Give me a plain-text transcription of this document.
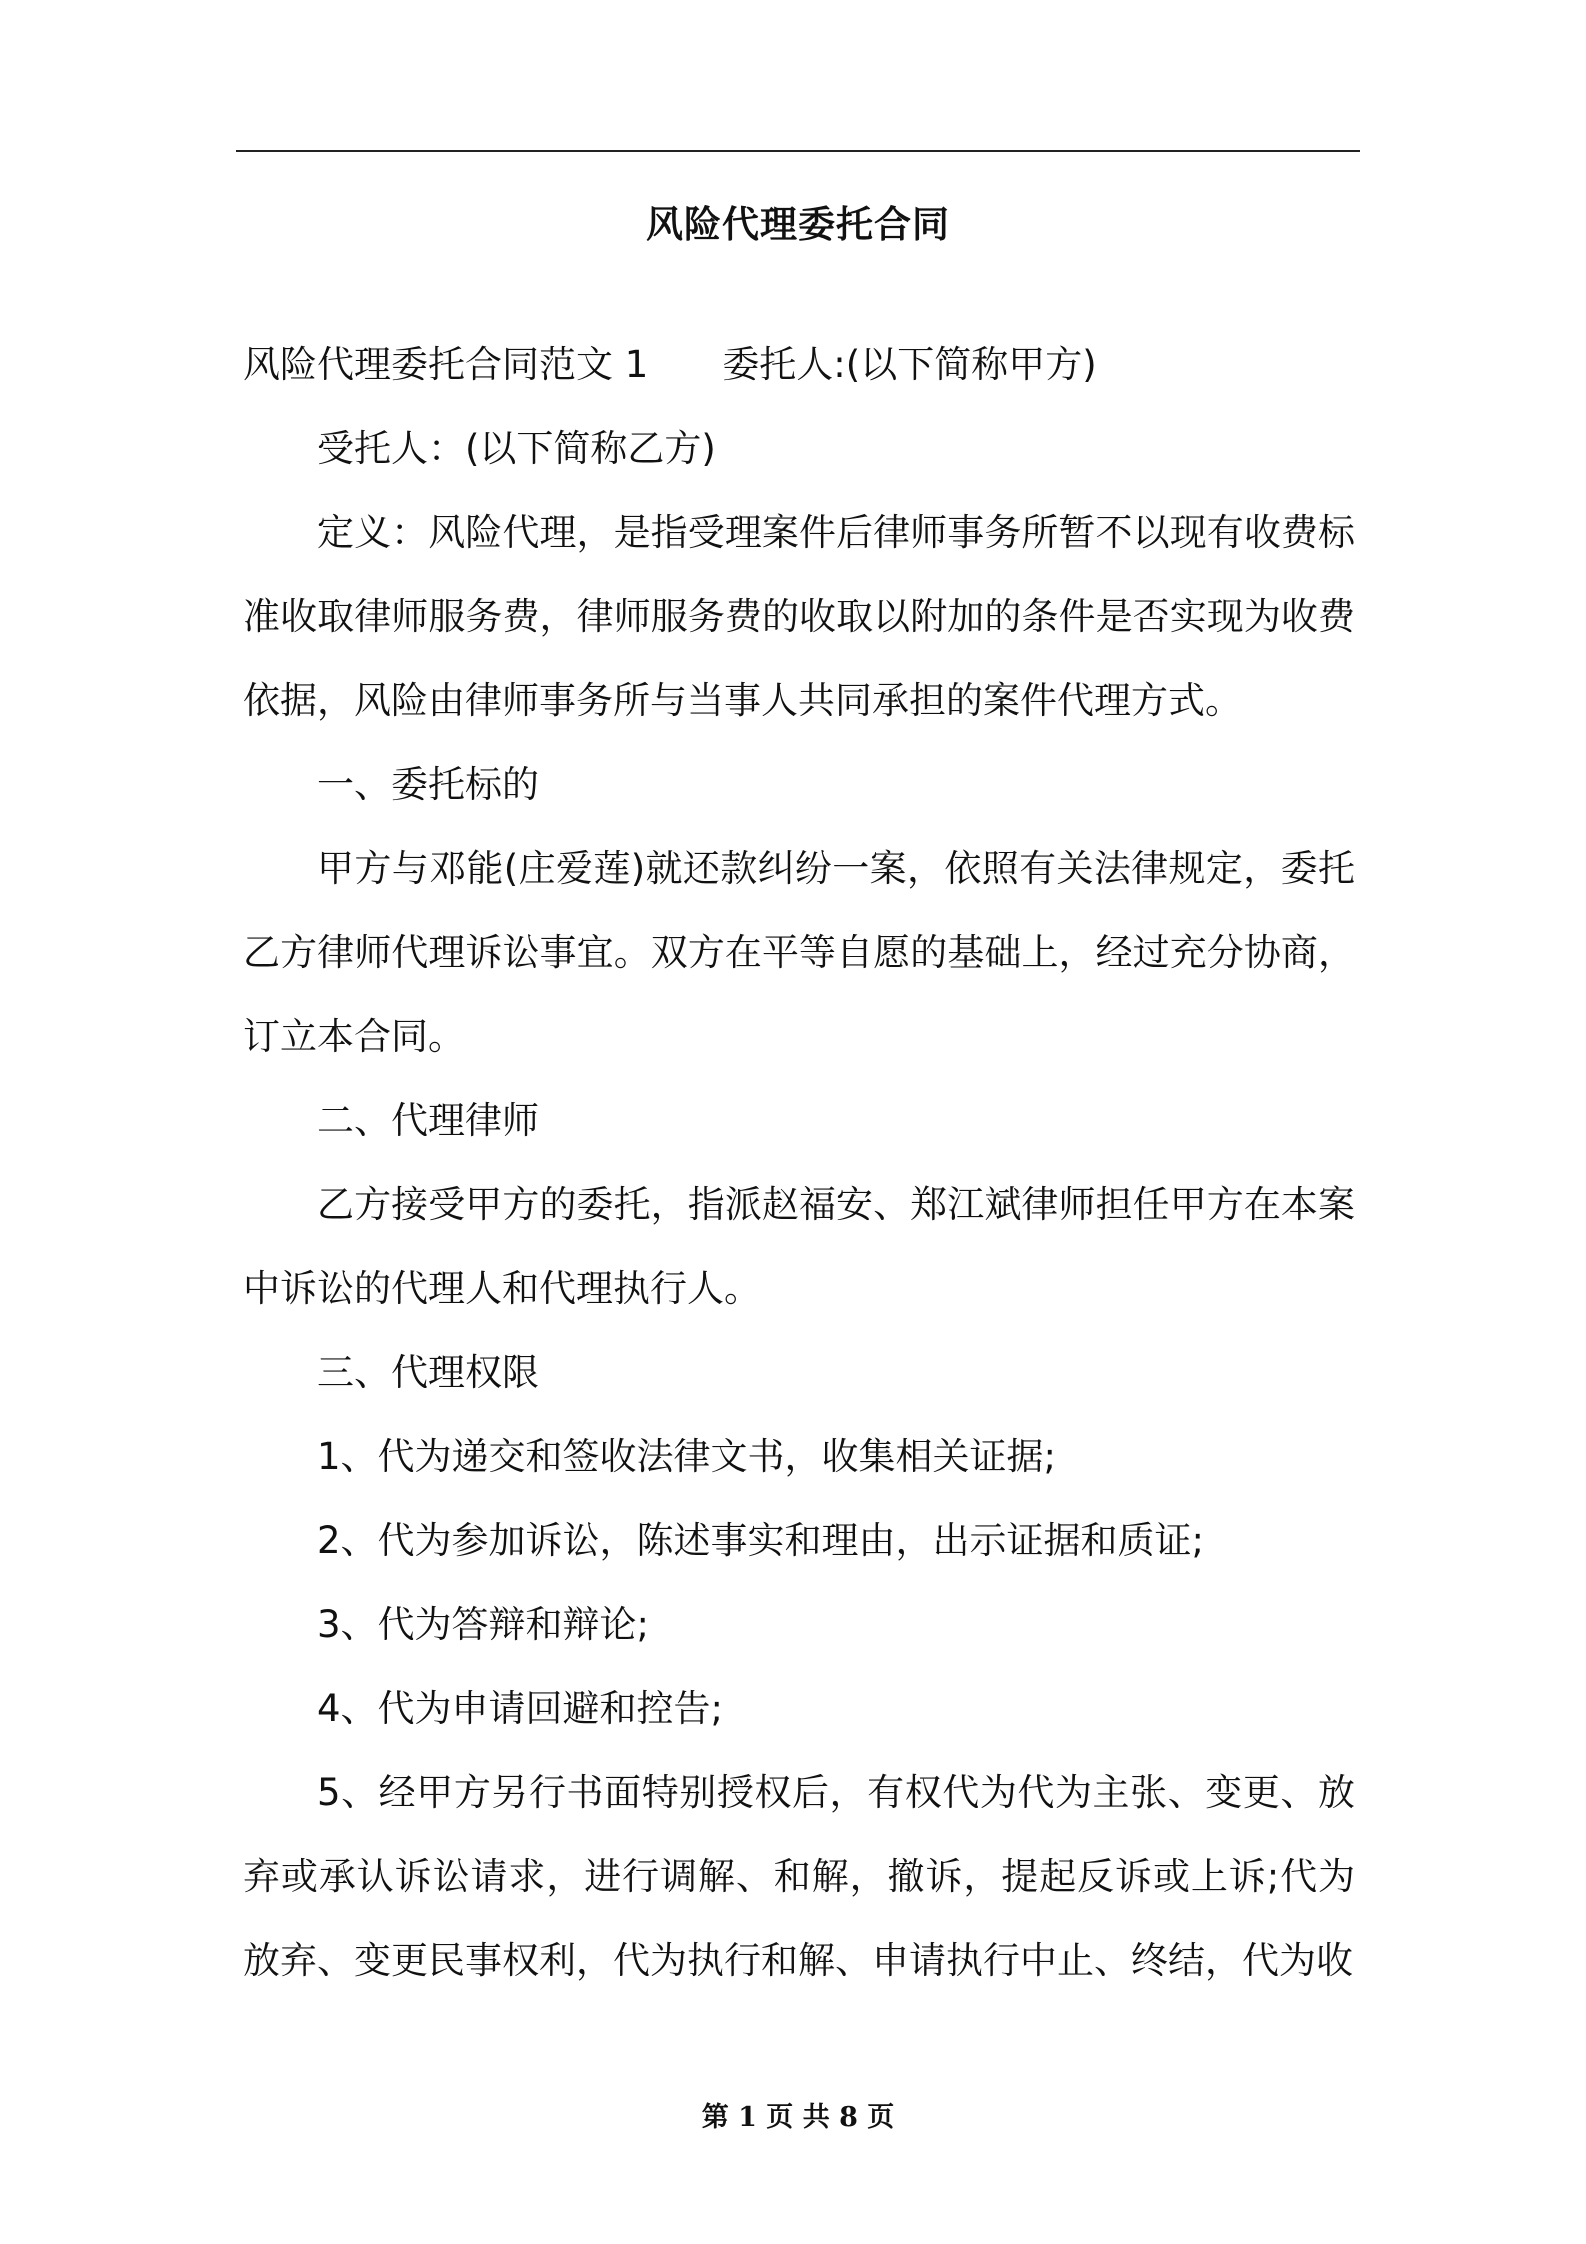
风险代理委托合同

风险代理委托合同范文 1 委托人:(以下简称甲方)

受托人：(以下简称乙方)

定义：风险代理，是指受理案件后律师事务所暂不以现有收费标准收取律师服务费，律师服务费的收取以附加的条件是否实现为收费依据，风险由律师事务所与当事人共同承担的案件代理方式。

一、委托标的

甲方与邓能(庄爱莲)就还款纠纷一案，依照有关法律规定，委托乙方律师代理诉讼事宜。双方在平等自愿的基础上，经过充分协商，订立本合同。

二、代理律师

乙方接受甲方的委托，指派赵福安、郑江斌律师担任甲方在本案中诉讼的代理人和代理执行人。

三、代理权限

1、代为递交和签收法律文书，收集相关证据;

2、代为参加诉讼，陈述事实和理由，出示证据和质证;

3、代为答辩和辩论;

4、代为申请回避和控告;

5、经甲方另行书面特别授权后，有权代为代为主张、变更、放弃或承认诉讼请求，进行调解、和解，撤诉，提起反诉或上诉;代为放弃、变更民事权利，代为执行和解、申请执行中止、终结，代为收

第 1 页 共 8 页
